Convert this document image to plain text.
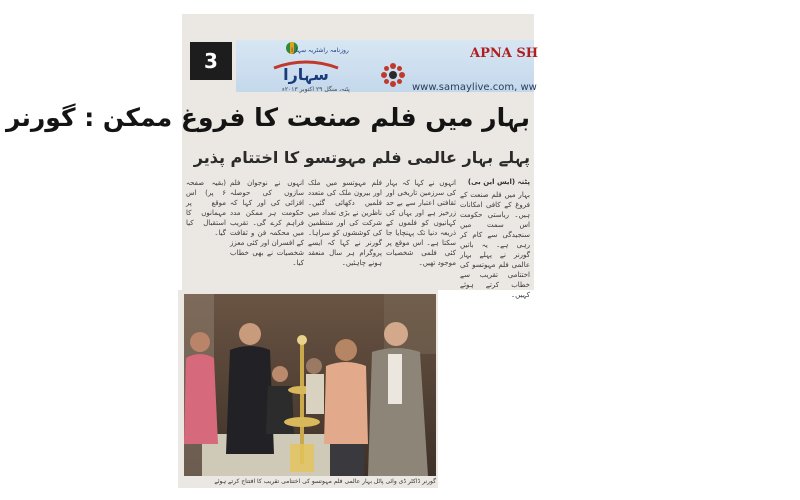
3
سہارا
روزنامہ راشٹریہ سہارا
پٹنہ، منگل ۲۹ اکتوبر ۲۰۱۳ء
APNA SH
www.samaylive.com, ww
بہار میں فلم صنعت کا فروغ ممکن : گورنر
پہلے بہار عالمی فلم مہوتسو کا اختتام پذیر
پٹنہ (ایس این بی)
بہار میں فلم صنعت کے فروغ کے کافی امکانات ہیں۔ ریاستی حکومت اس سمت میں سنجیدگی سے کام کر رہی ہے۔ یہ باتیں گورنر نے پہلے بہار عالمی فلم مہوتسو کی اختتامی تقریب سے خطاب کرتے ہوئے کہیں۔
انہوں نے کہا کہ بہار کی سرزمین تاریخی اور ثقافتی اعتبار سے بے حد زرخیز ہے اور یہاں کی کہانیوں کو فلموں کے ذریعہ دنیا تک پہنچایا جا سکتا ہے۔ اس موقع پر کئی فلمی شخصیات موجود تھیں۔
فلم مہوتسو میں ملک اور بیرون ملک کی متعدد فلمیں دکھائی گئیں۔ ناظرین نے بڑی تعداد میں شرکت کی اور منتظمین کی کوششوں کو سراہا۔ گورنر نے کہا کہ ایسے پروگرام ہر سال منعقد ہونے چاہئیں۔
انہوں نے نوجوان فلم سازوں کی حوصلہ افزائی کی اور کہا کہ حکومت ہر ممکن مدد فراہم کرے گی۔ تقریب میں محکمہ فن و ثقافت کے افسران اور کئی معزز شخصیات نے بھی خطاب کیا۔
(بقیہ صفحہ ۶ پر) اس موقع پر مہمانوں کا استقبال کیا گیا۔
گورنر ڈاکٹر ڈی وائی پاٹل بہار عالمی فلم مہوتسو کی اختتامی تقریب کا افتتاح کرتے ہوئے
